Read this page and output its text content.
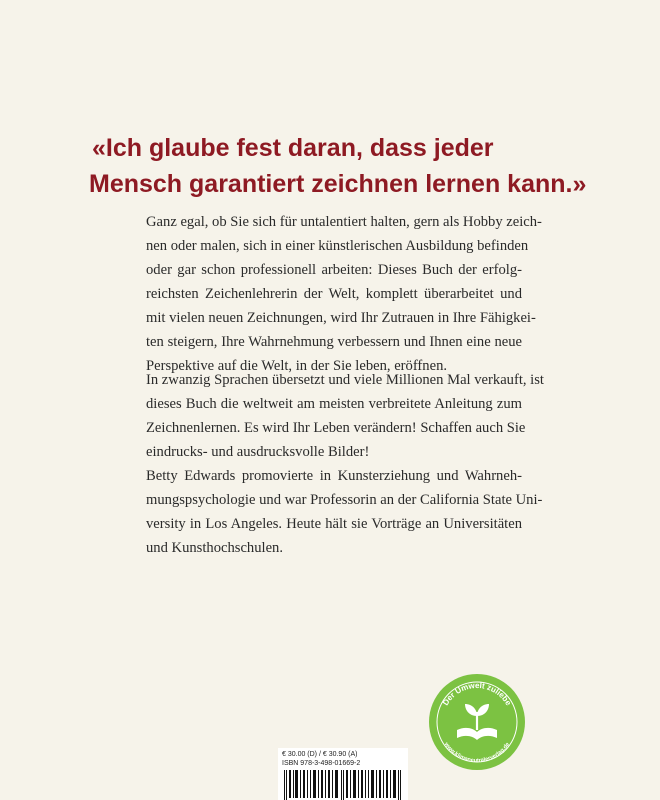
«Ich glaube fest daran, dass jeder
Mensch garantiert zeichnen lernen kann.»

Ganz egal, ob Sie sich für untalentiert halten, gern als Hobby zeich-
nen oder malen, sich in einer künstlerischen Ausbildung befinden
oder gar schon professionell arbeiten: Dieses Buch der erfolg-
reichsten Zeichenlehrerin der Welt, komplett überarbeitet und
mit vielen neuen Zeichnungen, wird Ihr Zutrauen in Ihre Fähigkei-
ten steigern, Ihre Wahrnehmung verbessern und Ihnen eine neue
Perspektive auf die Welt, in der Sie leben, eröffnen.

In zwanzig Sprachen übersetzt und viele Millionen Mal verkauft, ist
dieses Buch die weltweit am meisten verbreitete Anleitung zum
Zeichnenlernen. Es wird Ihr Leben verändern! Schaffen auch Sie
eindrucks- und ausdrucksvolle Bilder!

Betty Edwards promovierte in Kunsterziehung und Wahrneh-
mungspsychologie und war Professorin an der California State Uni-
versity in Los Angeles. Heute hält sie Vorträge an Universitäten
und Kunsthochschulen.

Der Umwelt zuliebe
www.klimaneutralerverlag.de
€ 30.00 (D) / € 30.90 (A)
ISBN 978-3-498-01669-2
